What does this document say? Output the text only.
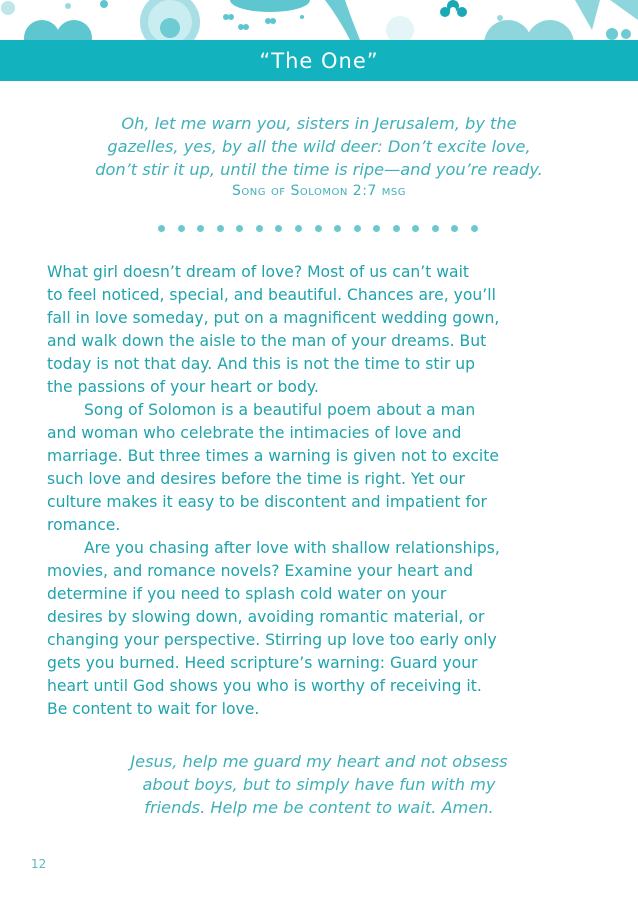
“The One”
Oh, let me warn you, sisters in Jerusalem, by the
gazelles, yes, by all the wild deer: Don’t excite love,
don’t stir it up, until the time is ripe—and you’re ready.
Song of Solomon 2:7 msg
What girl doesn’t dream of love? Most of us can’t wait
to feel noticed, special, and beautiful. Chances are, you’ll
fall in love someday, put on a magnificent wedding gown,
and walk down the aisle to the man of your dreams. But
today is not that day. And this is not the time to stir up
the passions of your heart or body.
Song of Solomon is a beautiful poem about a man
and woman who celebrate the intimacies of love and
marriage. But three times a warning is given not to excite
such love and desires before the time is right. Yet our
culture makes it easy to be discontent and impatient for
romance.
Are you chasing after love with shallow relationships,
movies, and romance novels? Examine your heart and
determine if you need to splash cold water on your
desires by slowing down, avoiding romantic material, or
changing your perspective. Stirring up love too early only
gets you burned. Heed scripture’s warning: Guard your
heart until God shows you who is worthy of receiving it.
Be content to wait for love.
Jesus, help me guard my heart and not obsess
about boys, but to simply have fun with my
friends. Help me be content to wait. Amen.
12
